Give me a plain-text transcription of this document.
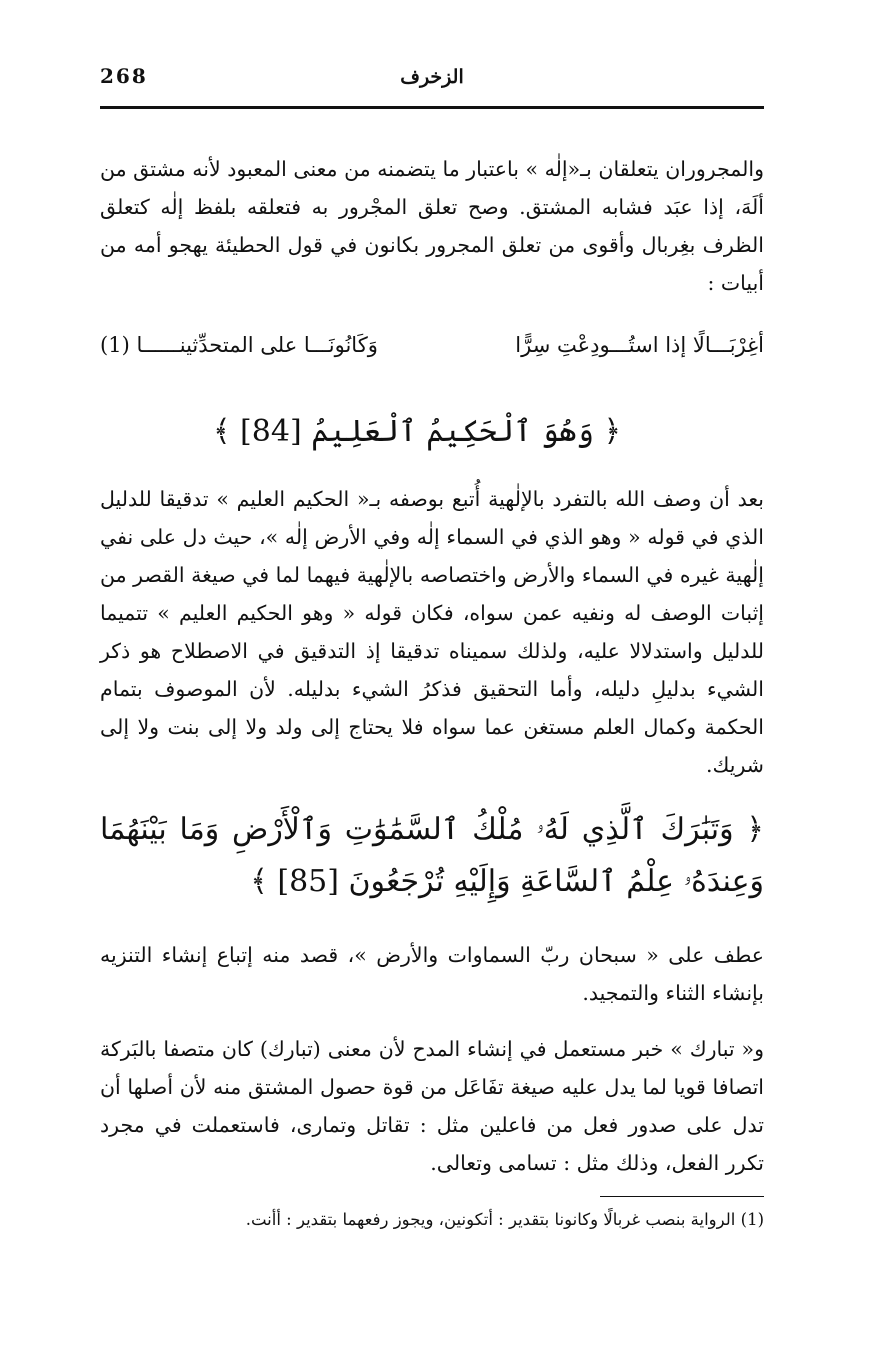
268	الزخرف

والمجروران يتعلقان بـ«إلٰه » باعتبار ما يتضمنه من معنى المعبود لأنه مشتق من ألَهَ، إذا عبَد فشابه المشتق. وصح تعلق المجْرور به فتعلقه بلفظ إلٰه كتعلق الظرف بغِربال وأقوى من تعلق المجرور بكانون في قول الحطيئة يهجو أمه من أبيات :

أغِرْبَـــالًا إذا استُـــودِعْتِ سِرًّا
وَكَانُونَـــا على المتحدِّثينــــــا (1)
﴿ وَهُوَ ٱلْحَكِيمُ ٱلْعَلِيمُ [84] ﴾

بعد أن وصف الله بالتفرد بالإلٰهية أُتبع بوصفه بـ« الحكيم العليم » تدقيقا للدليل الذي في قوله « وهو الذي في السماء إلٰه وفي الأرض إلٰه »، حيث دل على نفي إلٰهية غيره في السماء والأرض واختصاصه بالإلٰهية فيهما لما في صيغة القصر من إثبات الوصف له ونفيه عمن سواه، فكان قوله « وهو الحكيم العليم » تتميما للدليل واستدلالا عليه، ولذلك سميناه تدقيقا إذ التدقيق في الاصطلاح هو ذكر الشيء بدليلِ دليله، وأما التحقيق فذكرُ الشيء بدليله. لأن الموصوف بتمام الحكمة وكمال العلم مستغن عما سواه فلا يحتاج إلى ولد ولا إلى بنت ولا إلى شريك.

﴿ وَتَبَٰرَكَ ٱلَّذِي لَهُۥ مُلْكُ ٱلسَّمَٰوَٰتِ وَٱلْأَرْضِ وَمَا بَيْنَهُمَا وَعِندَهُۥ عِلْمُ ٱلسَّاعَةِ وَإِلَيْهِ تُرْجَعُونَ [85] ﴾

عطف على « سبحان ربّ السماوات والأرض »، قصد منه إتباع إنشاء التنزيه بإنشاء الثناء والتمجيد.

و« تبارك » خبر مستعمل في إنشاء المدح لأن معنى (تبارك) كان متصفا بالبَركة اتصافا قويا لما يدل عليه صيغة تفَاعَل من قوة حصول المشتق منه لأن أصلها أن تدل على صدور فعل من فاعلين مثل : تقاتل وتمارى، فاستعملت في مجرد تكرر الفعل، وذلك مثل : تسامى وتعالى.

(1) الرواية بنصب غربالًا وكانونا بتقدير : أتكونين، ويجوز رفعهما بتقدير : أأنت.
